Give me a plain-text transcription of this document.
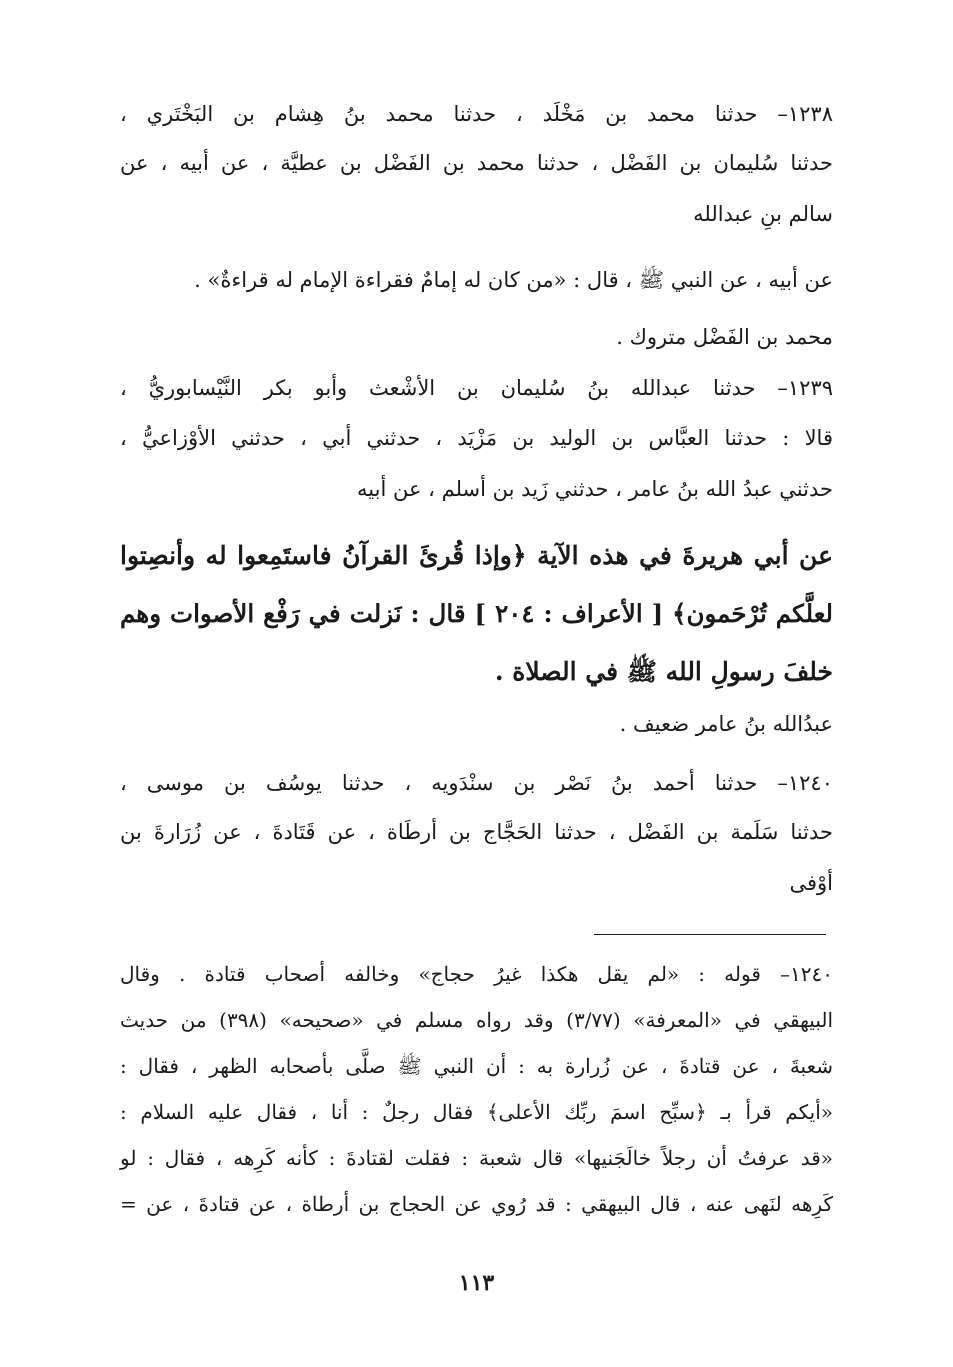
١٢٣٨– حدثنا محمد بن مَخْلَد ، حدثنا محمد بنُ هِشام بن البَخْتَري ،
حدثنا سُليمان بن الفَضْل ، حدثنا محمد بن الفَضْل بن عطيَّة ، عن أبيه ، عن
سالم بنِ عبدالله
عن أبيه ، عن النبي ﷺ ، قال : «من كان له إمامٌ فقراءة الإمام له قراءةٌ» .
محمد بن الفَضْل متروك .
١٢٣٩– حدثنا عبدالله بنُ سُليمان بن الأشْعث وأبو بكر النَّيْسابوريُّ ،
قالا : حدثنا العبَّاس بن الوليد بن مَزْيَد ، حدثني أبي ، حدثني الأوْزاعيُّ ،
حدثني عبدُ الله بنُ عامر ، حدثني زَيد بن أسلم ، عن أبيه
عن أبي هريرةَ في هذه الآية ﴿وإذا قُرئَ القرآنُ فاستَمِعوا له وأنصِتوا
لعلَّكم تُرْحَمون﴾ [ الأعراف : ٢٠٤ ] قال : نَزلت في رَفْع الأصوات وهم
خلفَ رسولِ الله ﷺ في الصلاة .
عبدُالله بنُ عامر ضعيف .
١٢٤٠– حدثنا أحمد بنُ نَصْر بن سنْدَويه ، حدثنا يوسُف بن موسى ،
حدثنا سَلَمة بن الفَضْل ، حدثنا الحَجَّاج بن أرطَاة ، عن قَتَادةَ ، عن زُرَارةَ بن
أوْفى
١٢٤٠– قوله : «لم يقل هكذا غيرُ حجاج» وخالفه أصحاب قتادة . وقال
البيهقي في «المعرفة» (٣/٧٧) وقد رواه مسلم في «صحيحه» (٣٩٨) من حديث
شعبةَ ، عن قتادةَ ، عن زُرارة به : أن النبي ﷺ صلَّى بأصحابه الظهر ، فقال :
«أيكم قرأ بـ ﴿سبِّح اسمَ ربِّك الأعلى﴾ فقال رجلٌ : أنا ، فقال عليه السلام :
«قد عرفتُ أن رجلاً خالَجَنيها» قال شعبة : فقلت لقتادةَ : كأنه كَرِهه ، فقال : لو
كَرِهه لنَهى عنه ، قال البيهقي : قد رُوي عن الحجاج بن أرطاة ، عن قتادةَ ، عن =
١١٣
